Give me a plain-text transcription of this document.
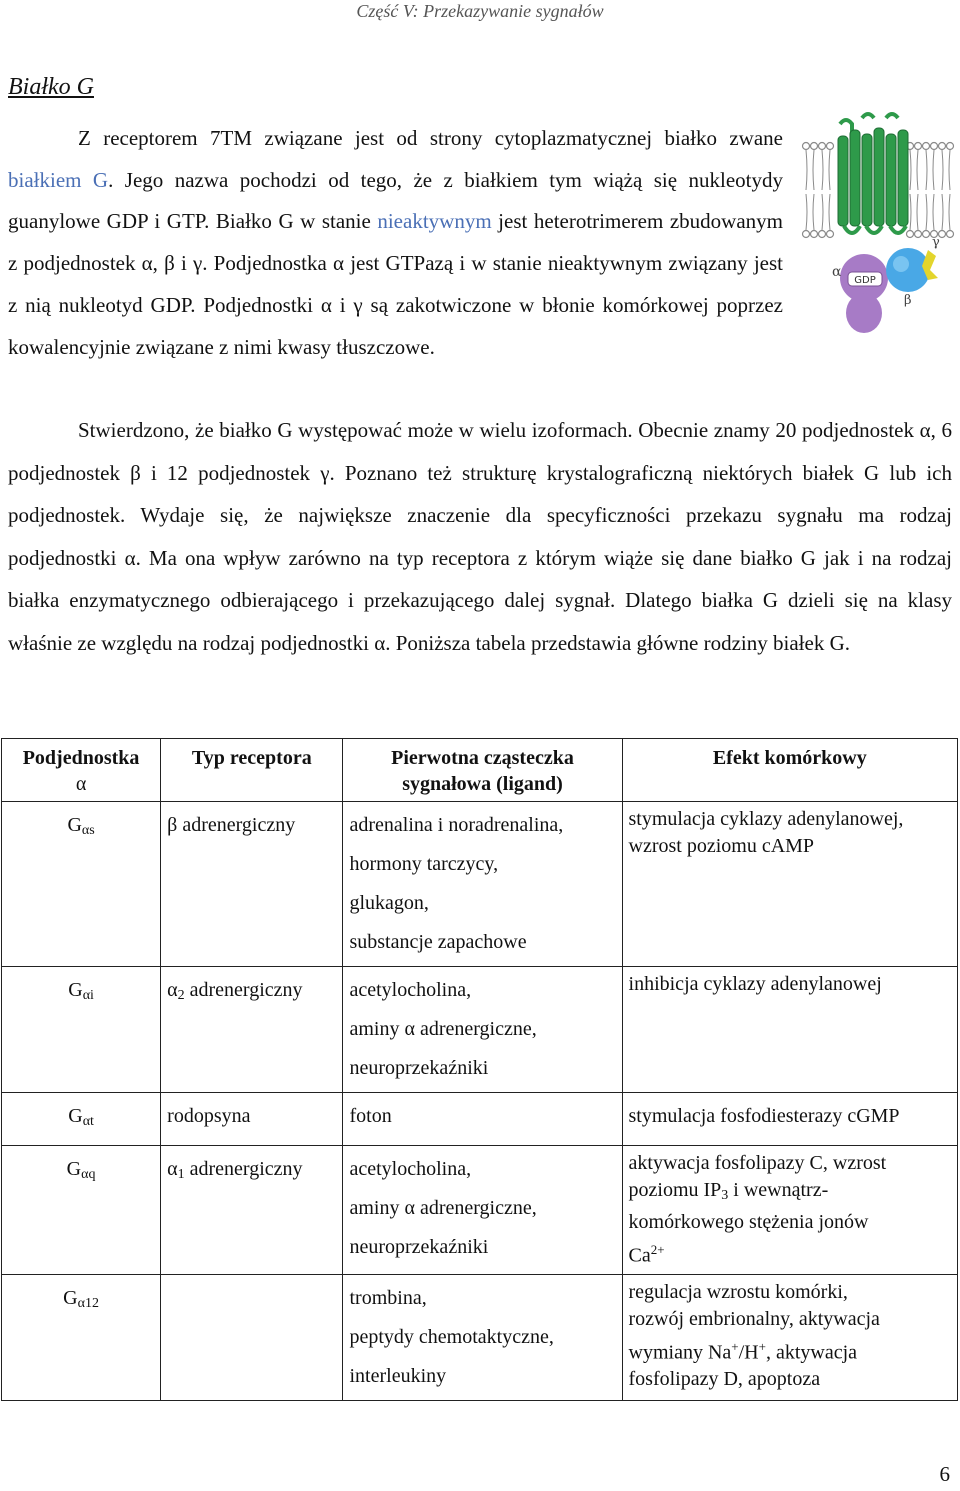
Część V: Przekazywanie sygnałów
Białko G
Z receptorem 7TM związane jest od strony cytoplazmatycznej białko zwane białkiem G. Jego nazwa pochodzi od tego, że z białkiem tym wiążą się nukleotydy guanylowe GDP i GTP. Białko G w stanie nieaktywnym jest heterotrimerem zbudowanym z podjednostek α, β i γ. Podjednostka α jest GTPazą i w stanie nieaktywnym związany jest z nią nukleotyd GDP. Podjednostki α i γ są zakotwiczone w błonie komórkowej poprzez kowalencyjnie związane z nimi kwasy tłuszczowe.
GDP
α
β
γ
Stwierdzono, że białko G występować może w wielu izoformach. Obecnie znamy 20 podjednostek α, 6 podjednostek β i 12 podjednostek γ. Poznano też strukturę krystalograficzną niektórych białek G lub ich podjednostek. Wydaje się, że największe znaczenie dla specyficzności przekazu sygnału ma rodzaj podjednostki α. Ma ona wpływ zarówno na typ receptora z którym wiąże się dane białko G jak i na rodzaj białka enzymatycznego odbierającego i przekazującego dalej sygnał. Dlatego białka G dzieli się na klasy właśnie ze względu na rodzaj podjednostki α. Poniższa tabela przedstawia główne rodziny białek G.
Podjednostka
α	Typ receptora	Pierwotna cząsteczka
sygnałowa (ligand)	Efekt komórkowy
$G_{\alpha s}$	β adrenergiczny	adrenalina i noradrenalina,
hormony tarczycy,
glukagon,
substancje zapachowe	stymulacja cyklazy adenylanowej,
wzrost poziomu cAMP
$G_{\alpha i}$	$\alpha_2$ adrenergiczny	acetylocholina,
aminy α adrenergiczne,
neuroprzekaźniki	inhibicja cyklazy adenylanowej
$G_{\alpha t}$	rodopsyna	foton	stymulacja fosfodiesterazy cGMP
$G_{\alpha q}$	$\alpha_1$ adrenergiczny	acetylocholina,
aminy α adrenergiczne,
neuroprzekaźniki	aktywacja fosfolipazy C, wzrost
poziomu $IP_3$ i wewnątrz-
komórkowego stężenia jonów
$Ca^{2+}$
$G_{\alpha 12}$		trombina,
peptydy chemotaktyczne,
interleukiny	regulacja wzrostu komórki,
rozwój embrionalny, aktywacja
wymiany Na+/H+, aktywacja
fosfolipazy D, apoptoza
6
